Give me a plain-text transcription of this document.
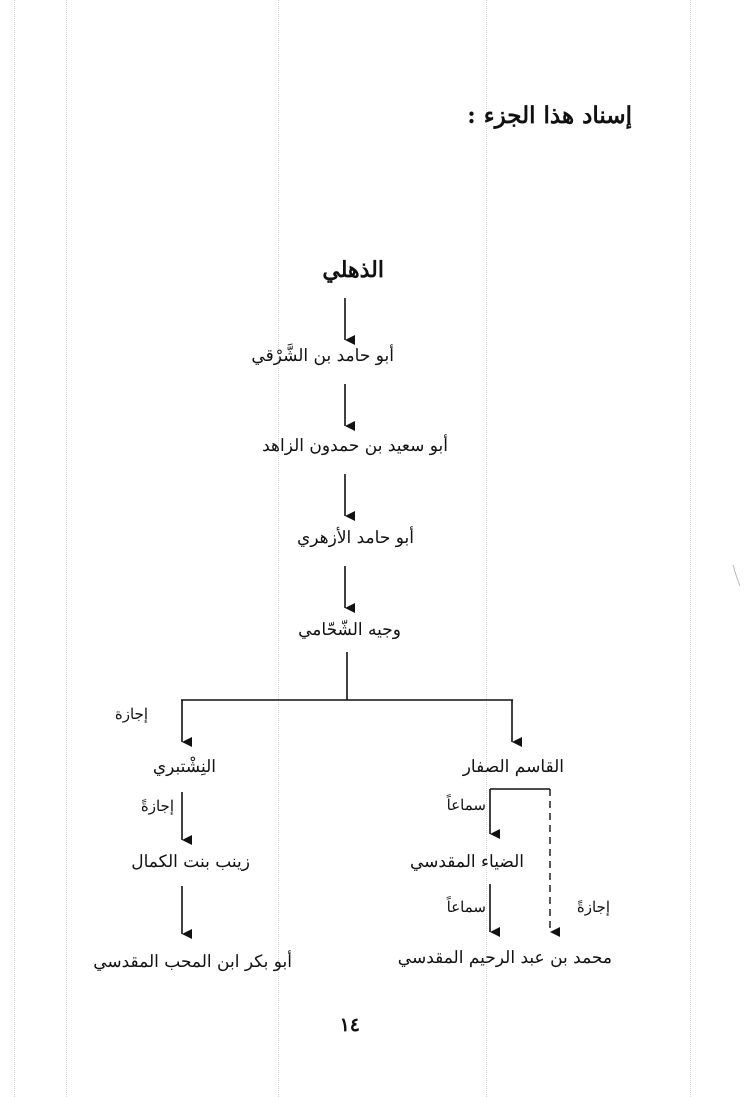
إسناد هذا الجزء :
الذهلي
أبو حامد بن الشَّرْقي
أبو سعيد بن حمدون الزاهد
أبو حامد الأزهري
وجيه الشّحّامي
إجازة
القاسم الصفار
النِشْتبري
إجازةً	سماعاً
الضياء المقدسي
زينب بنت الكمال
سماعاً	إجازةً
محمد بن عبد الرحيم المقدسي
أبو بكر ابن المحب المقدسي
١٤
